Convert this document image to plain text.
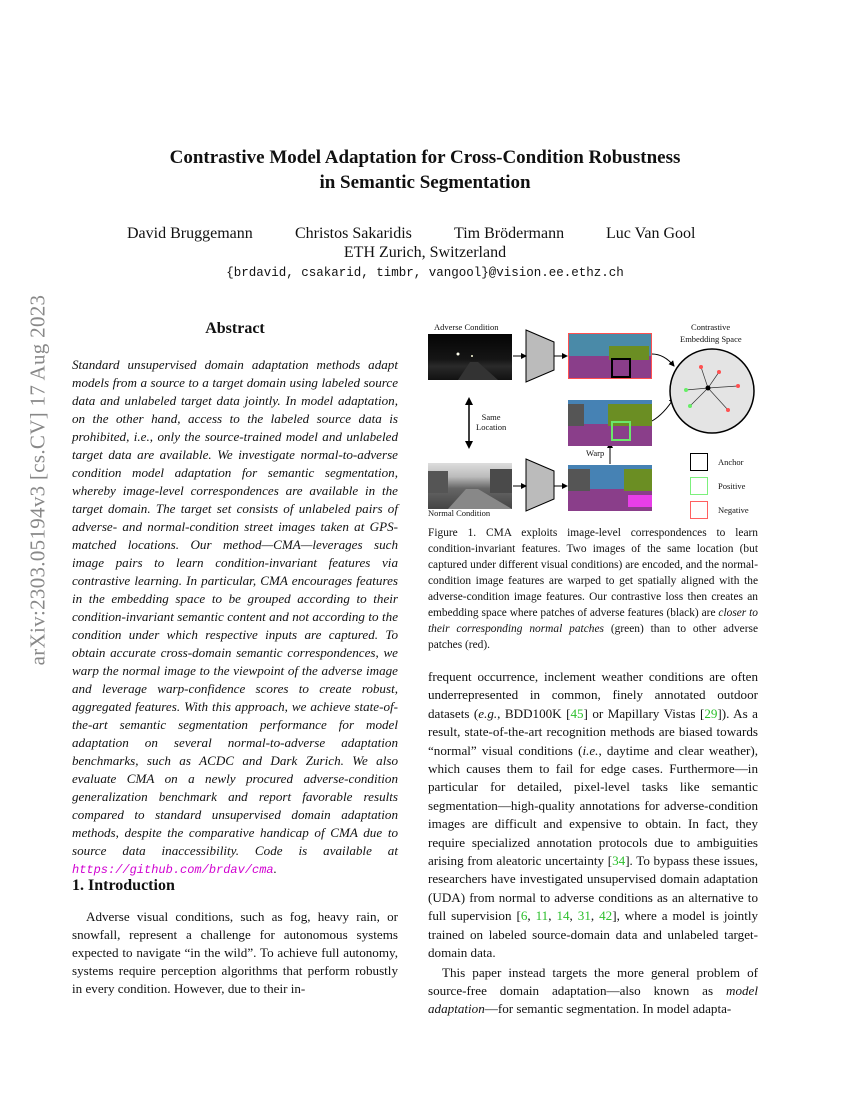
Contrastive Model Adaptation for Cross-Condition Robustness
in Semantic Segmentation
David Bruggemann	Christos Sakaridis	Tim Brödermann	Luc Van Gool
ETH Zurich, Switzerland
{brdavid, csakarid, timbr, vangool}@vision.ee.ethz.ch
arXiv:2303.05194v3 [cs.CV] 17 Aug 2023	Abstract
Standard unsupervised domain adaptation methods adapt models from a source to a target domain using labeled source data and unlabeled target data jointly. In model adaptation, on the other hand, access to the labeled source data is prohibited, i.e., only the source-trained model and unlabeled target data are available. We investigate normal-to-adverse condition model adaptation for semantic segmentation, whereby image-level correspondences are available in the target domain. The target set consists of unlabeled pairs of adverse- and normal-condition street images taken at GPS-matched locations. Our method—CMA—leverages such image pairs to learn condition-invariant features via contrastive learning. In particular, CMA encourages features in the embedding space to be grouped according to their condition-invariant semantic content and not according to the condition under which respective inputs are captured. To obtain accurate cross-domain semantic correspondences, we warp the normal image to the viewpoint of the adverse image and leverage warp-confidence scores to create robust, aggregated features. With this approach, we achieve state-of-the-art semantic segmentation performance for model adaptation on several normal-to-adverse adaptation benchmarks, such as ACDC and Dark Zurich. We also evaluate CMA on a newly procured adverse-condition generalization benchmark and report favorable results compared to standard unsupervised domain adaptation methods, despite the comparative handicap of CMA due to source data inaccessibility. Code is available at https://github.com/brdav/cma.
1. Introduction
Adverse visual conditions, such as fog, heavy rain, or snowfall, represent a challenge for autonomous systems expected to navigate “in the wild”. To achieve full autonomy, systems require perception algorithms that perform robustly in every condition. However, due to their in-
Adverse Condition
Same
Location
Warp
Normal Condition
Contrastive
Embedding Space
Anchor
Positive
Negative
Figure 1. CMA exploits image-level correspondences to learn condition-invariant features. Two images of the same location (but captured under different visual conditions) are encoded, and the normal-condition image features are warped to get spatially aligned with the adverse-condition image features. Our contrastive loss then creates an embedding space where patches of adverse features (black) are closer to their corresponding normal patches (green) than to other adverse patches (red).

frequent occurrence, inclement weather conditions are often underrepresented in common, finely annotated outdoor datasets (e.g., BDD100K [45] or Mapillary Vistas [29]). As a result, state-of-the-art recognition methods are biased towards “normal” visual conditions (i.e., daytime and clear weather), which causes them to fail for edge cases. Furthermore—in particular for detailed, pixel-level tasks like semantic segmentation—high-quality annotations for adverse-condition images are difficult and expensive to obtain. In fact, they require specialized annotation protocols due to ambiguities arising from aleatoric uncertainty [34]. To bypass these issues, researchers have investigated unsupervised domain adaptation (UDA) from normal to adverse conditions as an alternative to full supervision [6, 11, 14, 31, 42], where a model is jointly trained on labeled source-domain data and unlabeled target-domain data.

This paper instead targets the more general problem of source-free domain adaptation—also known as model adaptation—for semantic segmentation. In model adapta-
